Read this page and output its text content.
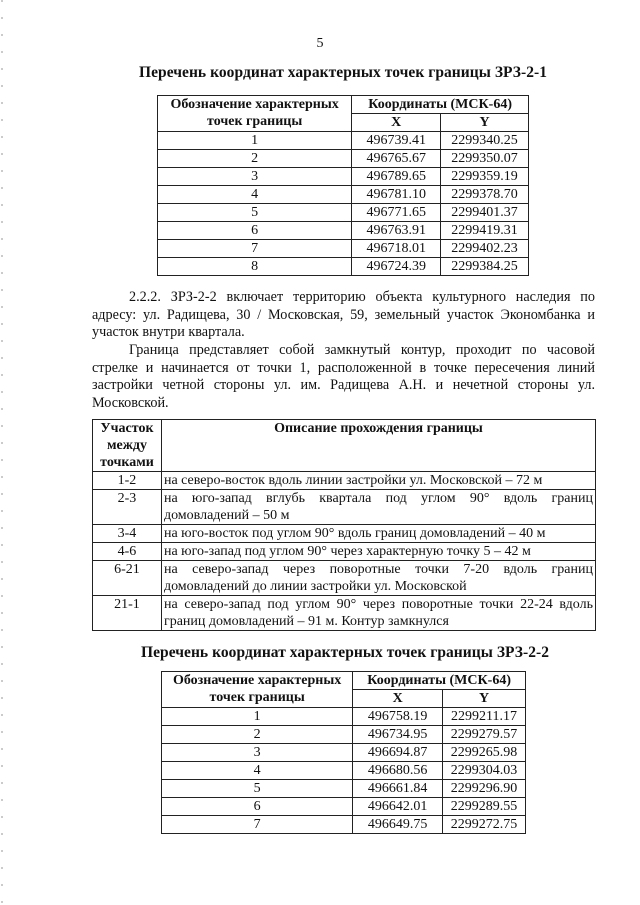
5
Перечень координат характерных точек границы ЗРЗ-2-1
Обозначение характерных
точек границы	Координаты (МСК-64)	
	X	Y
1	496739.41	2299340.25
2	496765.67	2299350.07
3	496789.65	2299359.19
4	496781.10	2299378.70
5	496771.65	2299401.37
6	496763.91	2299419.31
7	496718.01	2299402.23
8	496724.39	2299384.25

2.2.2. ЗРЗ-2-2 включает территорию объекта культурного наследия по адресу: ул. Радищева, 30 / Московская, 59, земельный участок Экономбанка и участок внутри квартала.

Граница представляет собой замкнутый контур, проходит по часовой стрелке и начинается от точки 1, расположенной в точке пересечения линий застройки четной стороны ул. им. Радищева А.Н. и нечетной стороны ул. Московской.

Участок
между
точками	Описание прохождения границы
1-2	на северо-восток вдоль линии застройки ул. Московской – 72 м
2-3	на юго-запад вглубь квартала под углом 90° вдоль границ домовладений – 50 м
3-4	на юго-восток под углом 90° вдоль границ домовладений – 40 м
4-6	на юго-запад под углом 90° через характерную точку 5 – 42 м
6-21	на северо-запад через поворотные точки 7-20 вдоль границ домовладений до линии застройки ул. Московской
21-1	на северо-запад под углом 90° через поворотные точки 22-24 вдоль границ домовладений – 91 м. Контур замкнулся
Перечень координат характерных точек границы ЗРЗ-2-2
Обозначение характерных
точек границы	Координаты (МСК-64)	
	X	Y
1	496758.19	2299211.17
2	496734.95	2299279.57
3	496694.87	2299265.98
4	496680.56	2299304.03
5	496661.84	2299296.90
6	496642.01	2299289.55
7	496649.75	2299272.75
